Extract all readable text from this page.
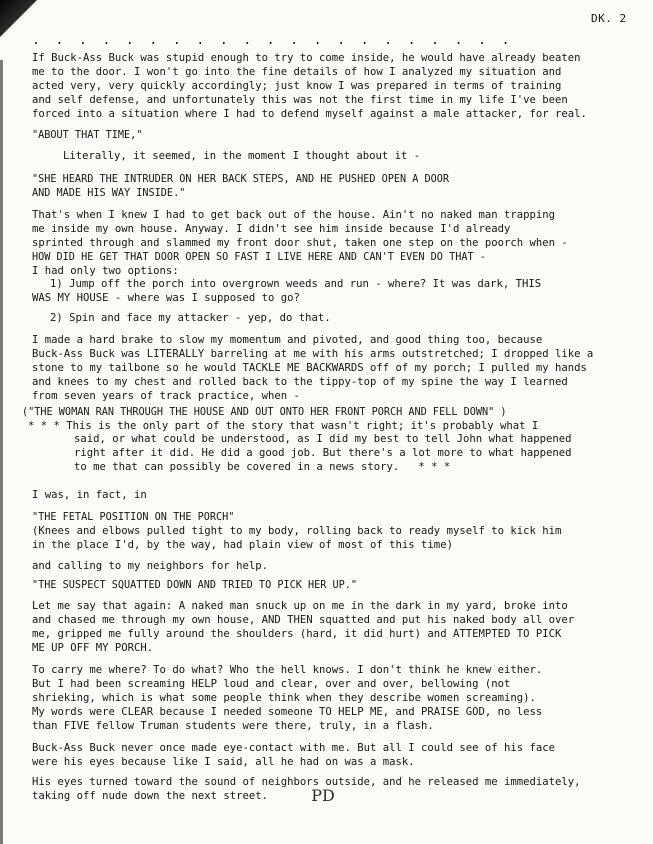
DK. 2
.  .  .  .  .  .  .  .  .  .  .  .  .  .  .  .  .  .  .  .  .
If Buck-Ass Buck was stupid enough to try to come inside, he would have already beaten
me to the door. I won't go into the fine details of how I analyzed my situation and
acted very, very quickly accordingly; just know I was prepared in terms of training
and self defense, and unfortunately this was not the first time in my life I've been
forced into a situation where I had to defend myself against a male attacker, for real.
"ABOUT THAT TIME,"
Literally, it seemed, in the moment I thought about it -
"SHE HEARD THE INTRUDER ON HER BACK STEPS, AND HE PUSHED OPEN A DOOR
AND MADE HIS WAY INSIDE."
That's when I knew I had to get back out of the house. Ain't no naked man trapping
me inside my own house. Anyway. I didn't see him inside because I'd already
sprinted through and slammed my front door shut, taken one step on the poorch when -
HOW DID HE GET THAT DOOR OPEN SO FAST I LIVE HERE AND CAN'T EVEN DO THAT -
I had only two options:
1) Jump off the porch into overgrown weeds and run - where? It was dark, THIS
WAS MY HOUSE - where was I supposed to go?
2) Spin and face my attacker - yep, do that.
I made a hard brake to slow my momentum and pivoted, and good thing too, because
Buck-Ass Buck was LITERALLY barreling at me with his arms outstretched; I dropped like a
stone to my tailbone so he would TACKLE ME BACKWARDS off of my porch; I pulled my hands
and knees to my chest and rolled back to the tippy-top of my spine the way I learned
from seven years of track practice, when -
("THE WOMAN RAN THROUGH THE HOUSE AND OUT ONTO HER FRONT PORCH AND FELL DOWN" )
* * * This is the only part of the story that wasn't right; it's probably what I
said, or what could be understood, as I did my best to tell John what happened
right after it did. He did a good job. But there's a lot more to what happened
to me that can possibly be covered in a news story.   * * *
I was, in fact, in
"THE FETAL POSITION ON THE PORCH"
(Knees and elbows pulled tight to my body, rolling back to ready myself to kick him
in the place I'd, by the way, had plain view of most of this time)
and calling to my neighbors for help.
"THE SUSPECT SQUATTED DOWN AND TRIED TO PICK HER UP."
Let me say that again: A naked man snuck up on me in the dark in my yard, broke into
and chased me through my own house, AND THEN squatted and put his naked body all over
me, gripped me fully around the shoulders (hard, it did hurt) and ATTEMPTED TO PICK
ME UP OFF MY PORCH.
To carry me where? To do what? Who the hell knows. I don't think he knew either.
But I had been screaming HELP loud and clear, over and over, bellowing (not
shrieking, which is what some people think when they describe women screaming).
My words were CLEAR because I needed someone TO HELP ME, and PRAISE GOD, no less
than FIVE fellow Truman students were there, truly, in a flash.
Buck-Ass Buck never once made eye-contact with me. But all I could see of his face
were his eyes because like I said, all he had on was a mask.
His eyes turned toward the sound of neighbors outside, and he released me immediately,
taking off nude down the next street.	PD
